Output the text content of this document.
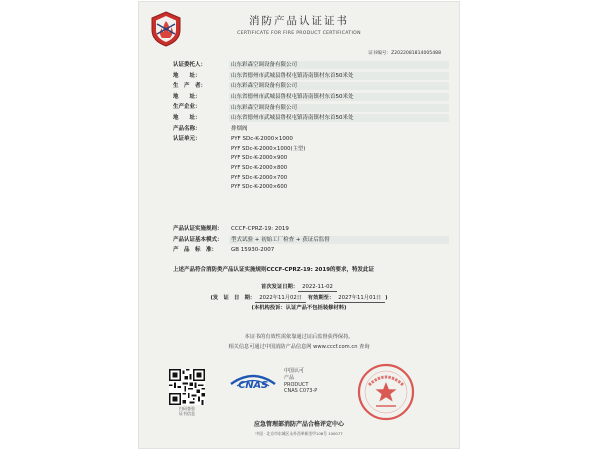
消防产品认证证书
CERTIFICATE FOR FIRE PRODUCT CERTIFICATION
证书编号：Z2022081814005488
认证委托人：	山东彩森空调设备有限公司
地　　址：	山东省德州市武城县鲁权屯镇涛南镇村东首50米处
生　产　者：	山东彩森空调设备有限公司
地　　址：	山东省德州市武城县鲁权屯镇涛南镇村东首50米处
生产企业：	山东彩森空调设备有限公司
地　　址：	山东省德州市武城县鲁权屯镇涛南镇村东首50米处
产品名称：	排烟阀
认证单元：	PYF SDc-K-2000×1000
PYF SDc-K-2000×1000(主型)
PYF SDc-K-2000×900
PYF SDc-K-2000×800
PYF SDc-K-2000×700
PYF SDc-K-2000×600
产品认证实施规则：	CCCF-CPRZ-19: 2019
产品认证基本模式：	型式试验 + 初始工厂检查 + 获证后监督
产　品　标　准：	GB 15930-2007
上述产品符合消防类产品认证实施规则CCCF-CPRZ-19: 2019的要求，特发此证
首次发证日期： 2022-11-02
(发　证　日　期： 2022年11月02日 有效期至： 2027年11月01日 )
(本机构投诉：认证产品不包括装修材料)
本证书的有效性需依靠通过证后监督获得保持。
相关信息可通过中国消防产品信息网 www.cccf.com.cn 查询
扫码查验
证书信息
CNAS
中国认可
产品
PRODUCT
CNAS C073-P
应急管理部消防产品合格评定中心
中国 · 北京市东城区永外西革新里甲108号 100077
